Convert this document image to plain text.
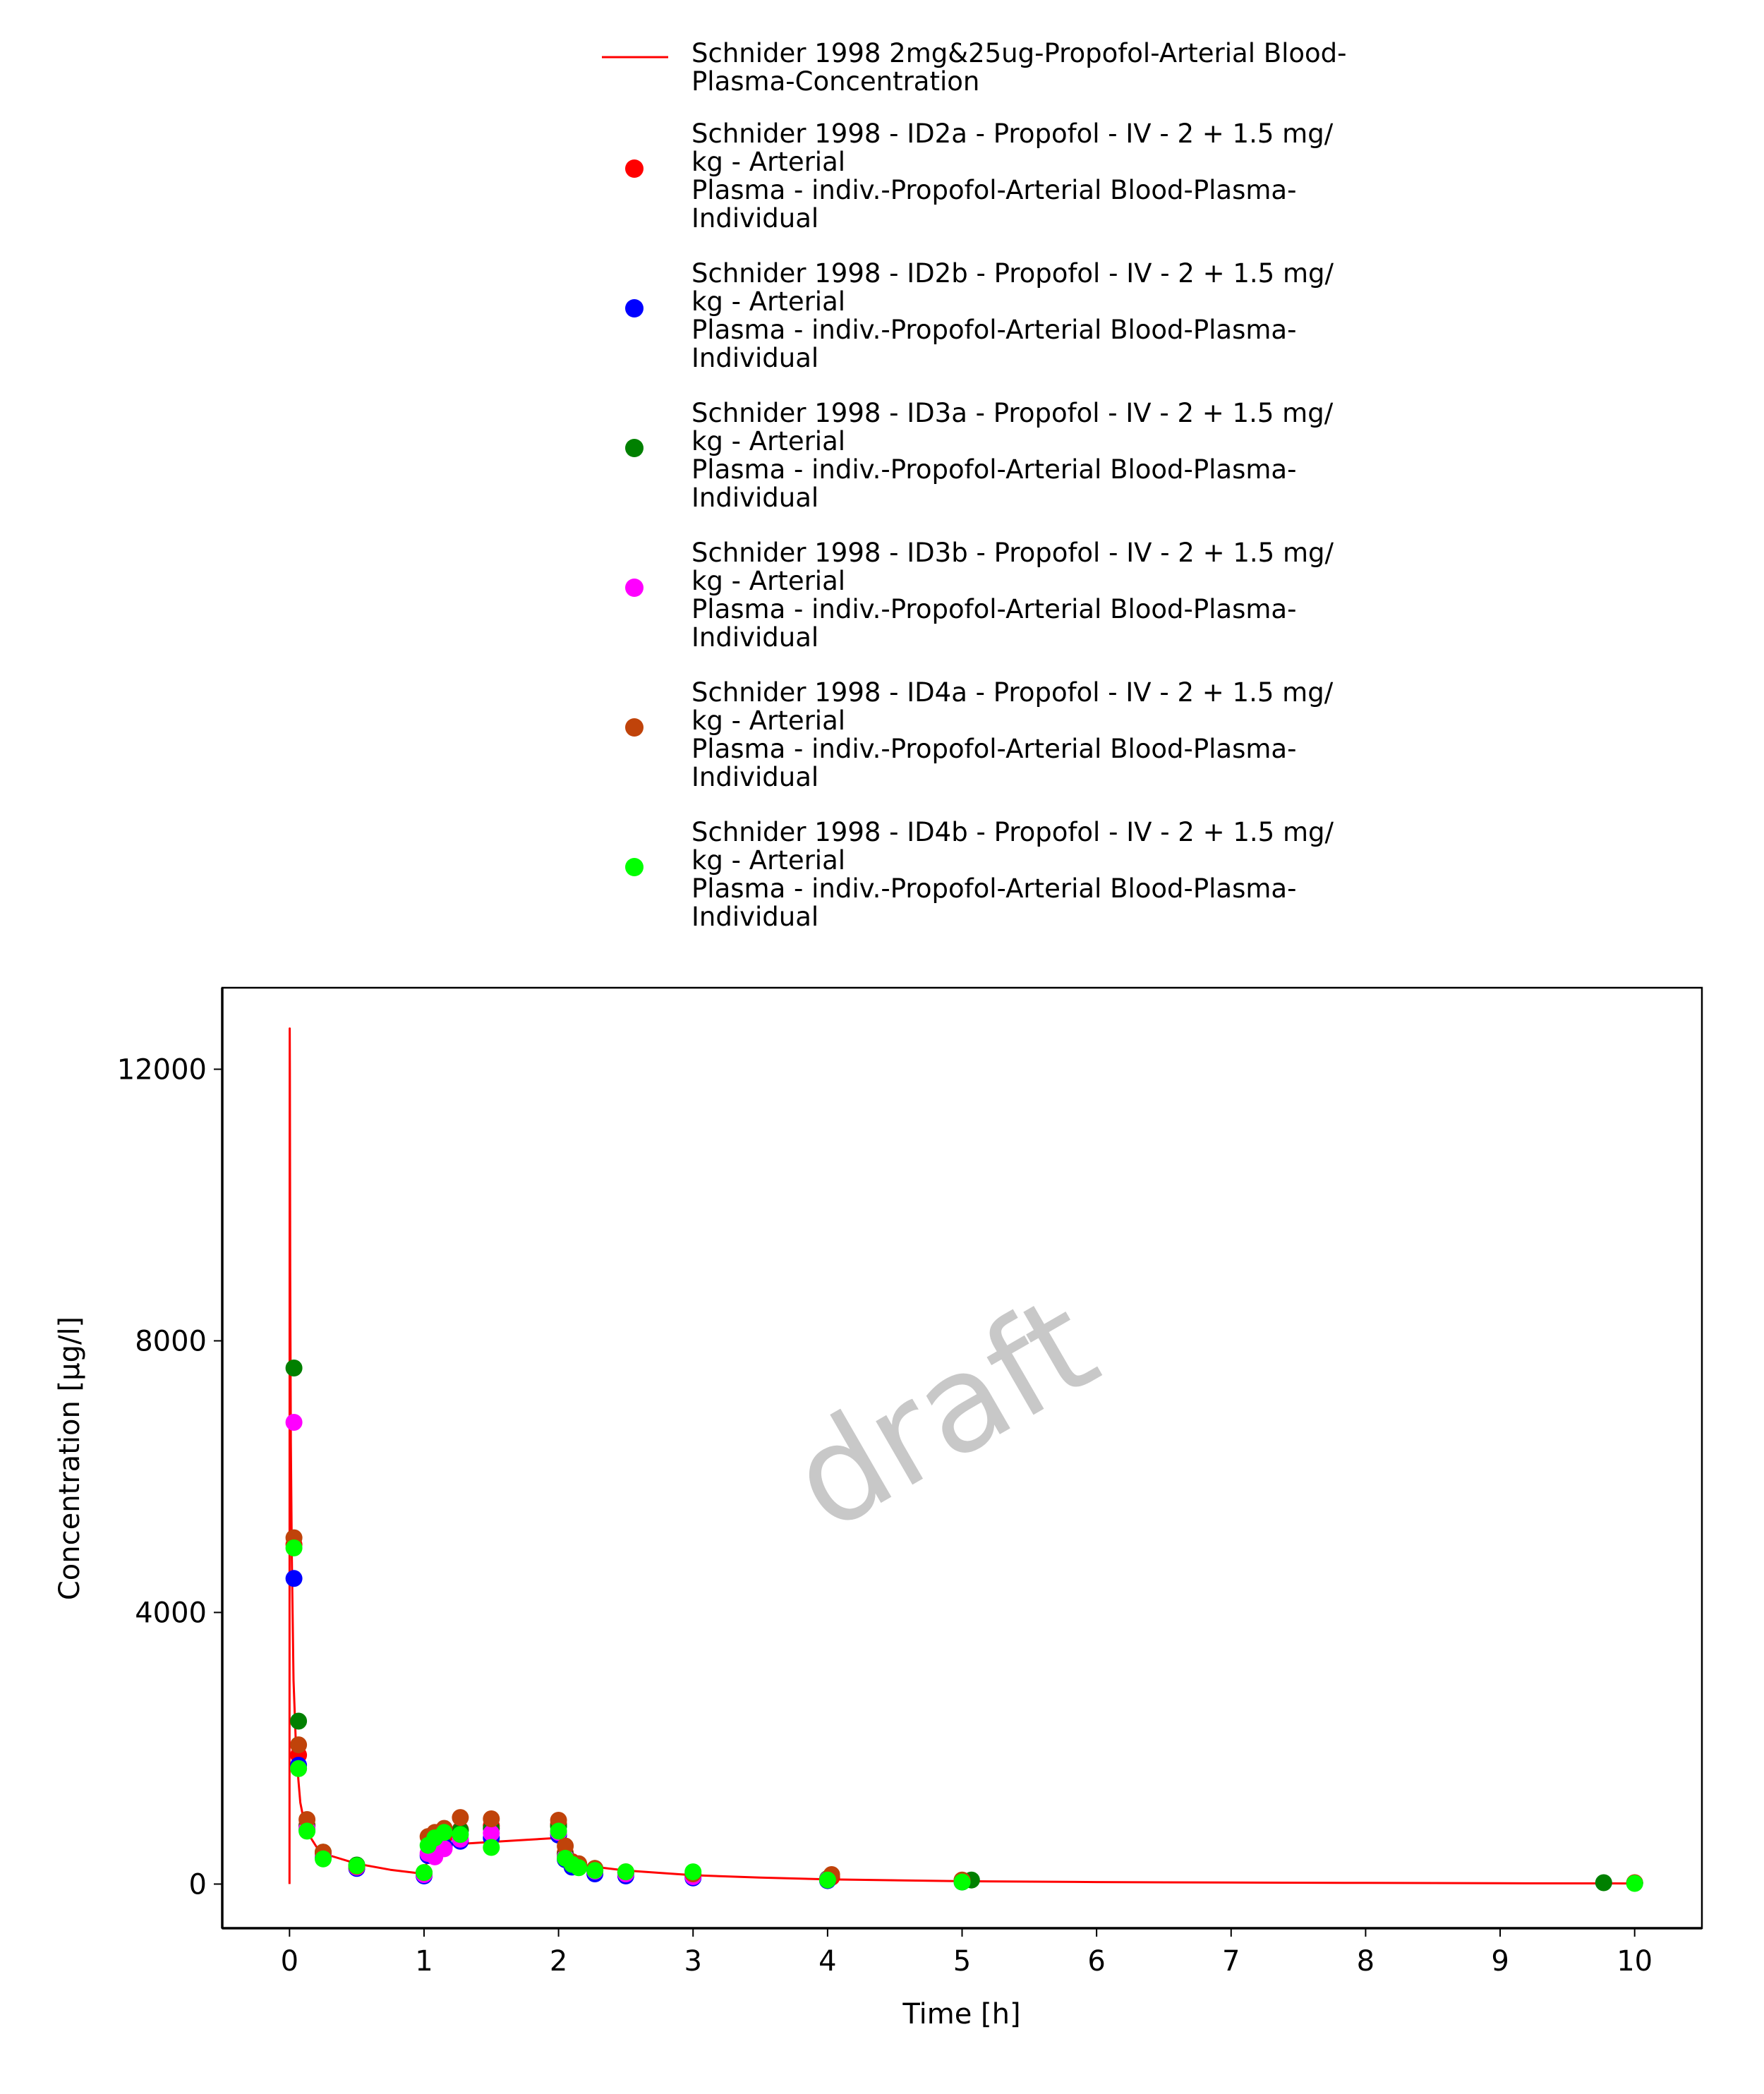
Schnider 1998 2mg&25ug-Propofol-Arterial Blood-
Plasma-Concentration
Schnider 1998 - ID2a - Propofol - IV - 2 + 1.5 mg/
kg - Arterial
Plasma - indiv.-Propofol-Arterial Blood-Plasma-
Individual
Schnider 1998 - ID2b - Propofol - IV - 2 + 1.5 mg/
kg - Arterial
Plasma - indiv.-Propofol-Arterial Blood-Plasma-
Individual
Schnider 1998 - ID3a - Propofol - IV - 2 + 1.5 mg/
kg - Arterial
Plasma - indiv.-Propofol-Arterial Blood-Plasma-
Individual
Schnider 1998 - ID3b - Propofol - IV - 2 + 1.5 mg/
kg - Arterial
Plasma - indiv.-Propofol-Arterial Blood-Plasma-
Individual
Schnider 1998 - ID4a - Propofol - IV - 2 + 1.5 mg/
kg - Arterial
Plasma - indiv.-Propofol-Arterial Blood-Plasma-
Individual
Schnider 1998 - ID4b - Propofol - IV - 2 + 1.5 mg/
kg - Arterial
Plasma - indiv.-Propofol-Arterial Blood-Plasma-
Individual
draft
0	1	2	3	4	5	6	7	8	9	10
0
4000
8000
12000
Time [h]
Concentration [µg/l]
